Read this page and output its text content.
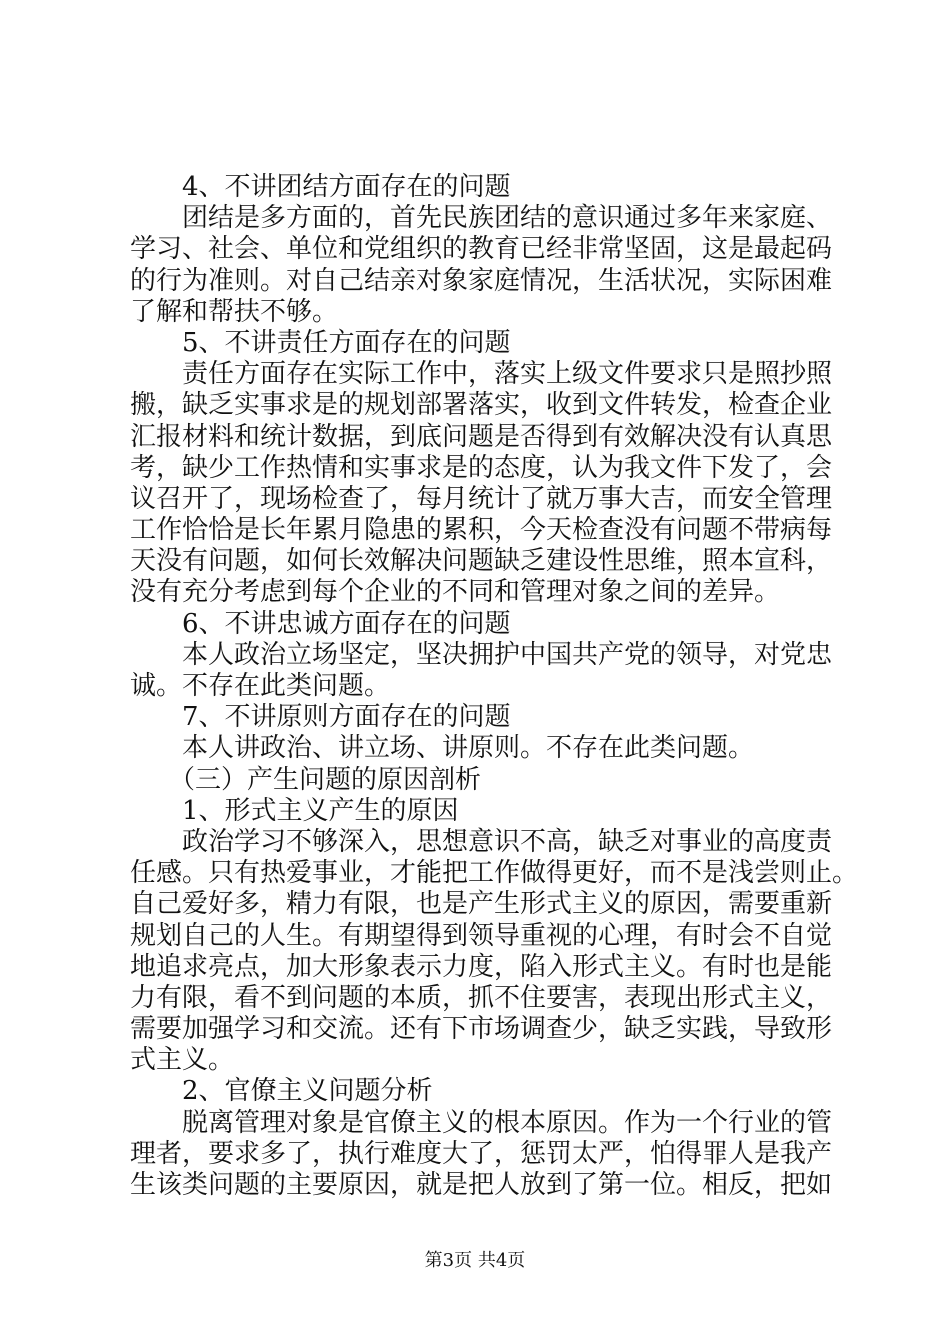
4、不讲团结方面存在的问题
团结是多方面的，首先民族团结的意识通过多年来家庭、
学习、社会、单位和党组织的教育已经非常坚固，这是最起码
的行为准则。对自己结亲对象家庭情况，生活状况，实际困难
了解和帮扶不够。
5、不讲责任方面存在的问题
责任方面存在实际工作中，落实上级文件要求只是照抄照
搬，缺乏实事求是的规划部署落实，收到文件转发，检查企业
汇报材料和统计数据，到底问题是否得到有效解决没有认真思
考，缺少工作热情和实事求是的态度，认为我文件下发了，会
议召开了，现场检查了，每月统计了就万事大吉，而安全管理
工作恰恰是长年累月隐患的累积，今天检查没有问题不带病每
天没有问题，如何长效解决问题缺乏建设性思维，照本宣科，
没有充分考虑到每个企业的不同和管理对象之间的差异。
6、不讲忠诚方面存在的问题
本人政治立场坚定，坚决拥护中国共产党的领导，对党忠
诚。不存在此类问题。
7、不讲原则方面存在的问题
本人讲政治、讲立场、讲原则。不存在此类问题。
（三）产生问题的原因剖析
1、形式主义产生的原因
政治学习不够深入，思想意识不高，缺乏对事业的高度责
任感。只有热爱事业，才能把工作做得更好，而不是浅尝则止。
自己爱好多，精力有限，也是产生形式主义的原因，需要重新
规划自己的人生。有期望得到领导重视的心理，有时会不自觉
地追求亮点，加大形象表示力度，陷入形式主义。有时也是能
力有限，看不到问题的本质，抓不住要害，表现出形式主义，
需要加强学习和交流。还有下市场调查少，缺乏实践，导致形
式主义。
2、官僚主义问题分析
脱离管理对象是官僚主义的根本原因。作为一个行业的管
理者，要求多了，执行难度大了，惩罚太严，怕得罪人是我产
生该类问题的主要原因，就是把人放到了第一位。相反，把如
第3页 共4页
